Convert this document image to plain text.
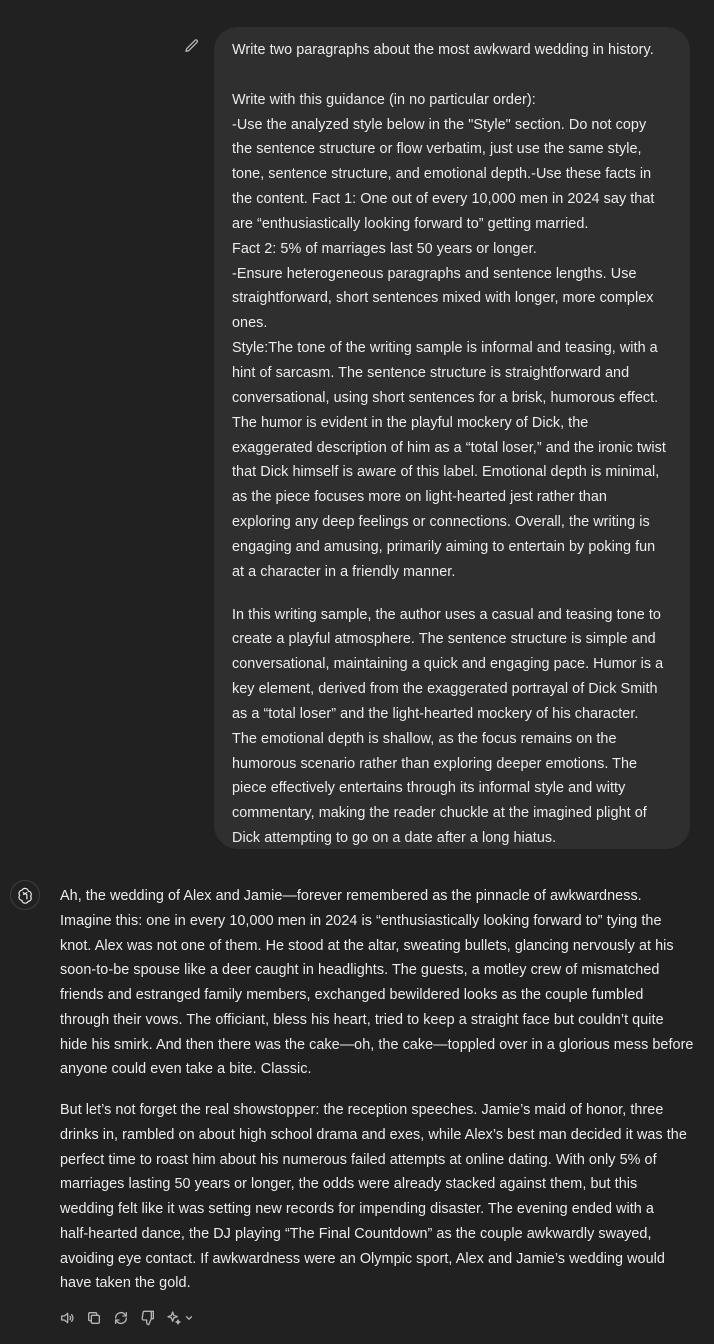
Write two paragraphs about the most awkward wedding in history.
Write with this guidance (in no particular order):
-Use the analyzed style below in the "Style" section. Do not copy
the sentence structure or flow verbatim, just use the same style,
tone, sentence structure, and emotional depth.-Use these facts in
the content. Fact 1: One out of every 10,000 men in 2024 say that
are “enthusiastically looking forward to” getting married.
Fact 2: 5% of marriages last 50 years or longer.
-Ensure heterogeneous paragraphs and sentence lengths. Use
straightforward, short sentences mixed with longer, more complex
ones.
Style:The tone of the writing sample is informal and teasing, with a
hint of sarcasm. The sentence structure is straightforward and
conversational, using short sentences for a brisk, humorous effect.
The humor is evident in the playful mockery of Dick, the
exaggerated description of him as a “total loser,” and the ironic twist
that Dick himself is aware of this label. Emotional depth is minimal,
as the piece focuses more on light-hearted jest rather than
exploring any deep feelings or connections. Overall, the writing is
engaging and amusing, primarily aiming to entertain by poking fun
at a character in a friendly manner.
In this writing sample, the author uses a casual and teasing tone to
create a playful atmosphere. The sentence structure is simple and
conversational, maintaining a quick and engaging pace. Humor is a
key element, derived from the exaggerated portrayal of Dick Smith
as a “total loser” and the light-hearted mockery of his character.
The emotional depth is shallow, as the focus remains on the
humorous scenario rather than exploring deeper emotions. The
piece effectively entertains through its informal style and witty
commentary, making the reader chuckle at the imagined plight of
Dick attempting to go on a date after a long hiatus.
Ah, the wedding of Alex and Jamie—forever remembered as the pinnacle of awkwardness.
Imagine this: one in every 10,000 men in 2024 is “enthusiastically looking forward to” tying the
knot. Alex was not one of them. He stood at the altar, sweating bullets, glancing nervously at his
soon-to-be spouse like a deer caught in headlights. The guests, a motley crew of mismatched
friends and estranged family members, exchanged bewildered looks as the couple fumbled
through their vows. The officiant, bless his heart, tried to keep a straight face but couldn’t quite
hide his smirk. And then there was the cake—oh, the cake—toppled over in a glorious mess before
anyone could even take a bite. Classic.
But let’s not forget the real showstopper: the reception speeches. Jamie’s maid of honor, three
drinks in, rambled on about high school drama and exes, while Alex’s best man decided it was the
perfect time to roast him about his numerous failed attempts at online dating. With only 5% of
marriages lasting 50 years or longer, the odds were already stacked against them, but this
wedding felt like it was setting new records for impending disaster. The evening ended with a
half-hearted dance, the DJ playing “The Final Countdown” as the couple awkwardly swayed,
avoiding eye contact. If awkwardness were an Olympic sport, Alex and Jamie’s wedding would
have taken the gold.
